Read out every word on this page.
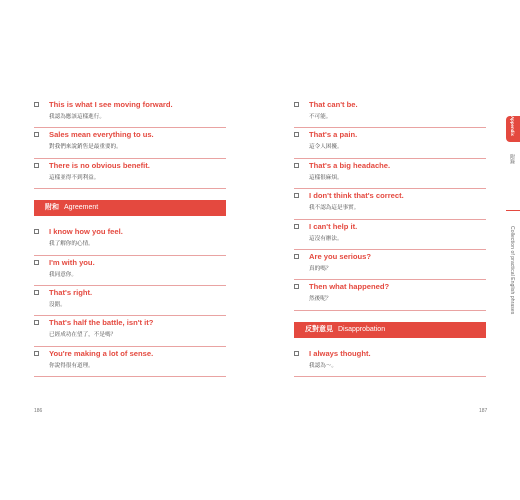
This is what I see moving forward.
我認為應該這樣進行。
Sales mean everything to us.
對我們來說銷售是最重要的。
There is no obvious benefit.
這樣並得不到利益。
附和 Agreement
I know how you feel.
我了解你的心情。
I'm with you.
我同意你。
That's right.
沒錯。
That's half the battle, isn't it?
已經成功在望了，不是嗎？
You're making a lot of sense.
你說得很有道理。
That can't be.
不可能。
That's a pain.
這令人困擾。
That's a big headache.
這樣很麻煩。
I don't think that's correct.
我不認為這是事實。
I can't help it.
這沒有辦法。
Are you serious?
真的嗎？
Then what happened?
然後呢？
反對意見 Disapprobation
I always thought.
我認為～。
186	187
Appendix
附錄
Collection of practical English phrases
